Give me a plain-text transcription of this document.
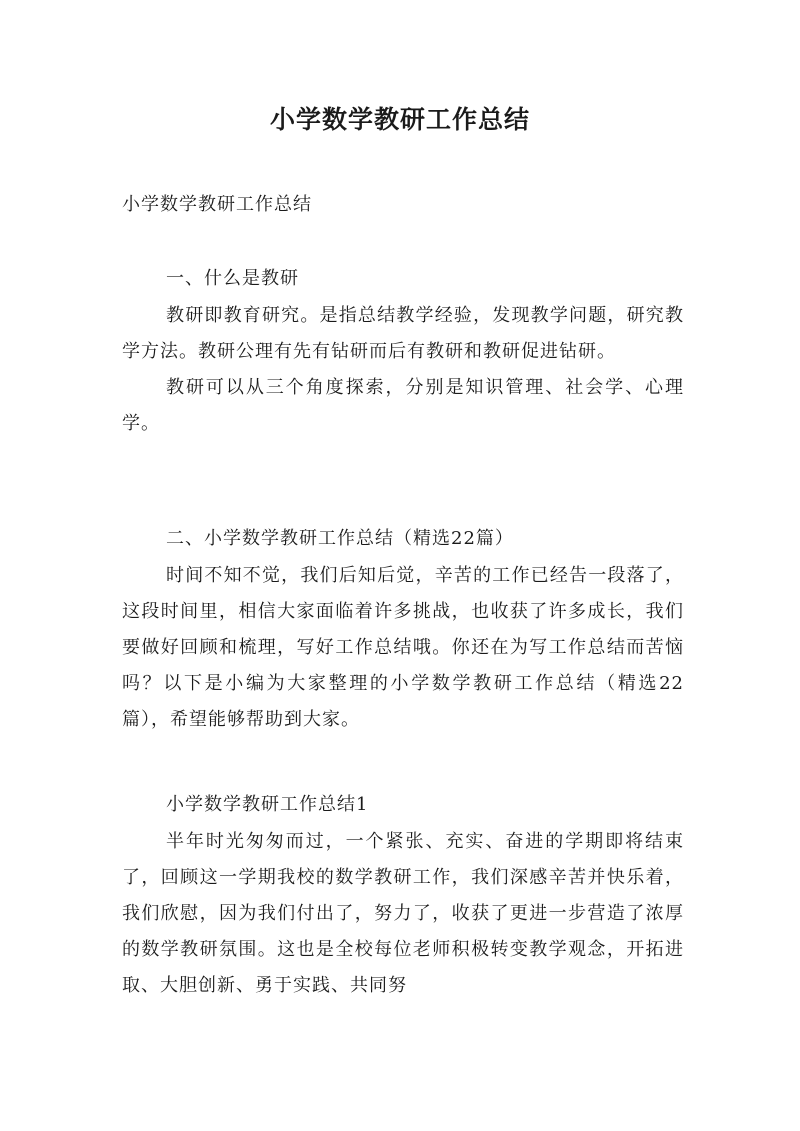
小学数学教研工作总结

小学数学教研工作总结

一、什么是教研

教研即教育研究。是指总结教学经验，发现教学问题，研究教学方法。教研公理有先有钻研而后有教研和教研促进钻研。

教研可以从三个角度探索，分别是知识管理、社会学、心理学。

二、小学数学教研工作总结（精选22篇）

时间不知不觉，我们后知后觉，辛苦的工作已经告一段落了，这段时间里，相信大家面临着许多挑战，也收获了许多成长，我们要做好回顾和梳理，写好工作总结哦。你还在为写工作总结而苦恼吗？以下是小编为大家整理的小学数学教研工作总结（精选22篇），希望能够帮助到大家。

小学数学教研工作总结1

半年时光匆匆而过，一个紧张、充实、奋进的学期即将结束了，回顾这一学期我校的数学教研工作，我们深感辛苦并快乐着，我们欣慰，因为我们付出了，努力了，收获了更进一步营造了浓厚的数学教研氛围。这也是全校每位老师积极转变教学观念，开拓进取、大胆创新、勇于实践、共同努
